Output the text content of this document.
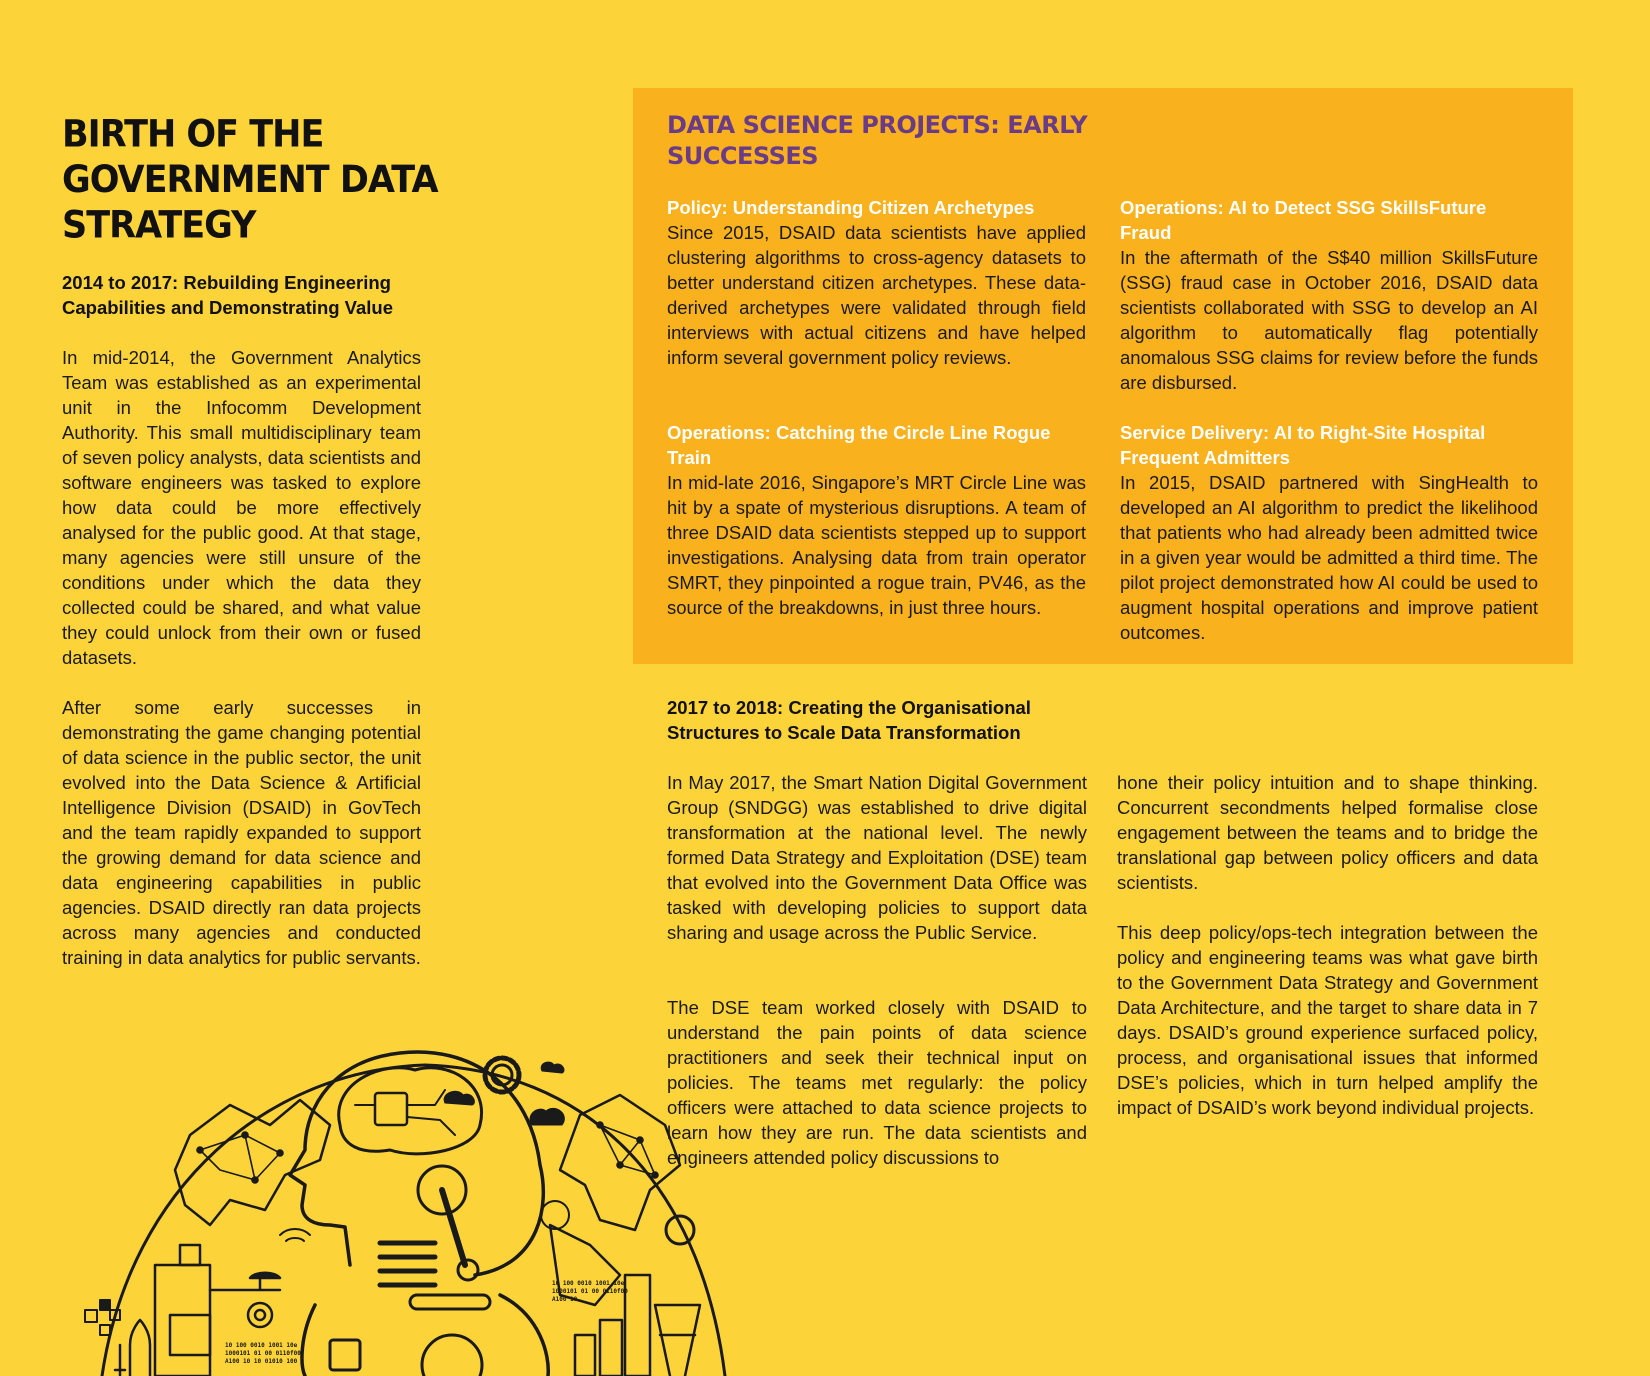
BIRTH OF THE GOVERNMENT DATA STRATEGY

2014 to 2017: Rebuilding Engineering Capabilities and Demonstrating Value

In mid-2014, the Government Analytics Team was established as an experimental unit in the Infocomm Development Authority. This small multidisciplinary team of seven policy analysts, data scientists and software engineers was tasked to explore how data could be more effectively analysed for the public good. At that stage, many agencies were still unsure of the conditions under which the data they collected could be shared, and what value they could unlock from their own or fused datasets.

After some early successes in demonstrating the game changing potential of data science in the public sector, the unit evolved into the Data Science & Artificial Intelligence Division (DSAID) in GovTech and the team rapidly expanded to support the growing demand for data science and data engineering capabilities in public agencies. DSAID directly ran data projects across many agencies and conducted training in data analytics for public servants.

DATA SCIENCE PROJECTS: EARLY SUCCESSES

Policy: Understanding Citizen Archetypes

Since 2015, DSAID data scientists have applied clustering algorithms to cross-agency datasets to better understand citizen archetypes. These data-derived archetypes were validated through field interviews with actual citizens and have helped inform several government policy reviews.

Operations: AI to Detect SSG SkillsFuture Fraud

In the aftermath of the S$40 million SkillsFuture (SSG) fraud case in October 2016, DSAID data scientists collaborated with SSG to develop an AI algorithm to automatically flag potentially anomalous SSG claims for review before the funds are disbursed.

Operations: Catching the Circle Line Rogue Train

In mid-late 2016, Singapore’s MRT Circle Line was hit by a spate of mysterious disruptions. A team of three DSAID data scientists stepped up to support investigations. Analysing data from train operator SMRT, they pinpointed a rogue train, PV46, as the source of the breakdowns, in just three hours.

Service Delivery: AI to Right-Site Hospital Frequent Admitters

In 2015, DSAID partnered with SingHealth to developed an AI algorithm to predict the likelihood that patients who had already been admitted twice in a given year would be admitted a third time. The pilot project demonstrated how AI could be used to augment hospital operations and improve patient outcomes.

2017 to 2018: Creating the Organisational Structures to Scale Data Transformation

In May 2017, the Smart Nation Digital Government Group (SNDGG) was established to drive digital transformation at the national level. The newly formed Data Strategy and Exploitation (DSE) team that evolved into the Government Data Office was tasked with developing policies to support data sharing and usage across the Public Service.

The DSE team worked closely with DSAID to understand the pain points of data science practitioners and seek their technical input on policies. The teams met regularly: the policy officers were attached to data science projects to learn how they are run. The data scientists and engineers attended policy discussions to

hone their policy intuition and to shape thinking. Concurrent secondments helped formalise close engagement between the teams and to bridge the translational gap between policy officers and data scientists.

This deep policy/ops-tech integration between the policy and engineering teams was what gave birth to the Government Data Strategy and Government Data Architecture, and the target to share data in 7 days. DSAID’s ground experience surfaced policy, process, and organisational issues that informed DSE’s policies, which in turn helped amplify the impact of DSAID’s work beyond individual projects.

10 100 0010 1001 10e
1000101 01 00 0110f00
A100 10 10 01010 100
10 100 0010 1001 10e
1000101 01 00 0110f00
A100 10
